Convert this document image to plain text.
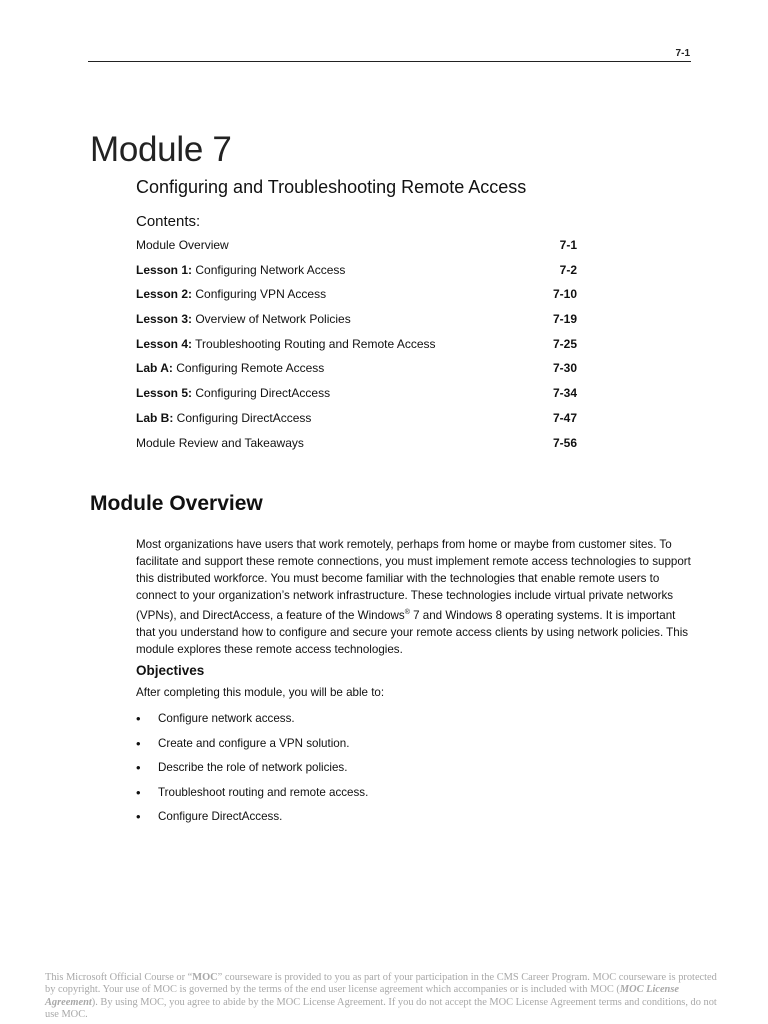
7-1
Module 7
Configuring and Troubleshooting Remote Access
Contents:
Module Overview	7-1
Lesson 1: Configuring Network Access	7-2
Lesson 2: Configuring VPN Access	7-10
Lesson 3: Overview of Network Policies	7-19
Lesson 4: Troubleshooting Routing and Remote Access	7-25
Lab A: Configuring Remote Access	7-30
Lesson 5: Configuring DirectAccess	7-34
Lab B: Configuring DirectAccess	7-47
Module Review and Takeaways	7-56
Module Overview

Most organizations have users that work remotely, perhaps from home or maybe from customer sites. To facilitate and support these remote connections, you must implement remote access technologies to support this distributed workforce. You must become familiar with the technologies that enable remote users to connect to your organization’s network infrastructure. These technologies include virtual private networks (VPNs), and DirectAccess, a feature of the Windows® 7 and Windows 8 operating systems. It is important that you understand how to configure and secure your remote access clients by using network policies. This module explores these remote access technologies.

Objectives

After completing this module, you will be able to:

• Configure network access.
• Create and configure a VPN solution.
• Describe the role of network policies.
• Troubleshoot routing and remote access.
• Configure DirectAccess.

This Microsoft Official Course or “MOC” courseware is provided to you as part of your participation in the CMS Career Program. MOC courseware is protected by copyright. Your use of MOC is governed by the terms of the end user license agreement which accompanies or is included with MOC (MOC License Agreement). By using MOC, you agree to abide by the MOC License Agreement. If you do not accept the MOC License Agreement terms and conditions, do not use MOC.
